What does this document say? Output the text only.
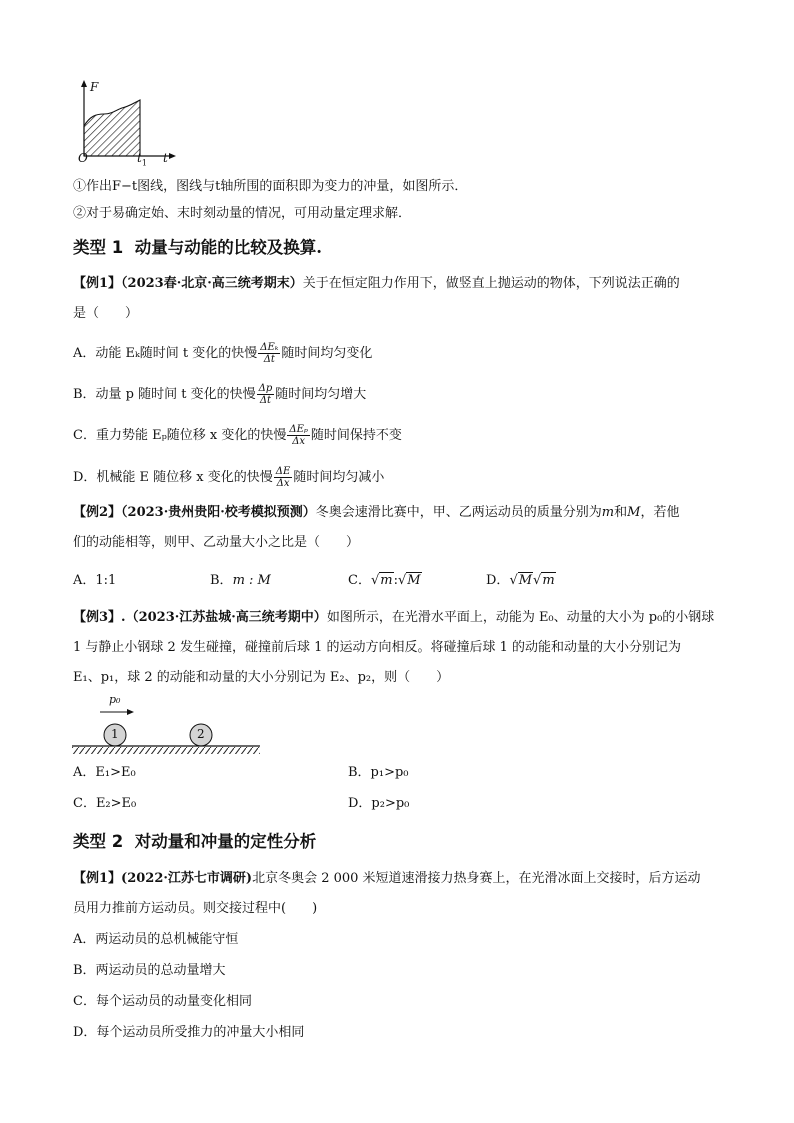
F
O	$t_1$ t
①作出F−t图线，图线与t轴所围的面积即为变力的冲量，如图所示．
②对于易确定始、末时刻动量的情况，可用动量定理求解．
类型 1 动量与动能的比较及换算.
【例1】（2023春·北京·高三统考期末）关于在恒定阻力作用下，做竖直上抛运动的物体，下列说法正确的
是（　　）
A．动能 Eₖ随时间 t 变化的快慢 $\frac{\text{ΔEₖ}}{\Delta t}$ 随时间均匀变化
B．动量 p 随时间 t 变化的快慢 $\frac{\Delta p}{\Delta t}$ 随时间均匀增大
C．重力势能 Eₚ随位移 x 变化的快慢 $\frac{\text{ΔEₚ}}{\Delta x}$ 随时间保持不变
D．机械能 E 随位移 x 变化的快慢 $\frac{\Delta E}{\Delta x}$ 随时间均匀减小
【例2】（2023·贵州贵阳·校考模拟预测）冬奥会速滑比赛中，甲、乙两运动员的质量分别为m和M，若他
们的动能相等，则甲、乙动量大小之比是（　　）
A．1:1	B．m : M	C．√m:√M	D．√M√m
【例3】.（2023·江苏盐城·高三统考期中）如图所示，在光滑水平面上，动能为 E₀、动量的大小为 p₀的小钢球
1 与静止小钢球 2 发生碰撞，碰撞前后球 1 的运动方向相反。将碰撞后球 1 的动能和动量的大小分别记为
E₁、p₁，球 2 的动能和动量的大小分别记为 E₂、p₂，则（　　）
p₀
1	2
A．E₁>E₀	B．p₁>p₀
C．E₂>E₀	D．p₂>p₀
类型 2 对动量和冲量的定性分析
【例1】(2022·江苏七市调研)北京冬奥会 2 000 米短道速滑接力热身赛上，在光滑冰面上交接时，后方运动
员用力推前方运动员。则交接过程中(　　)
A．两运动员的总机械能守恒
B．两运动员的总动量增大
C．每个运动员的动量变化相同
D．每个运动员所受推力的冲量大小相同
